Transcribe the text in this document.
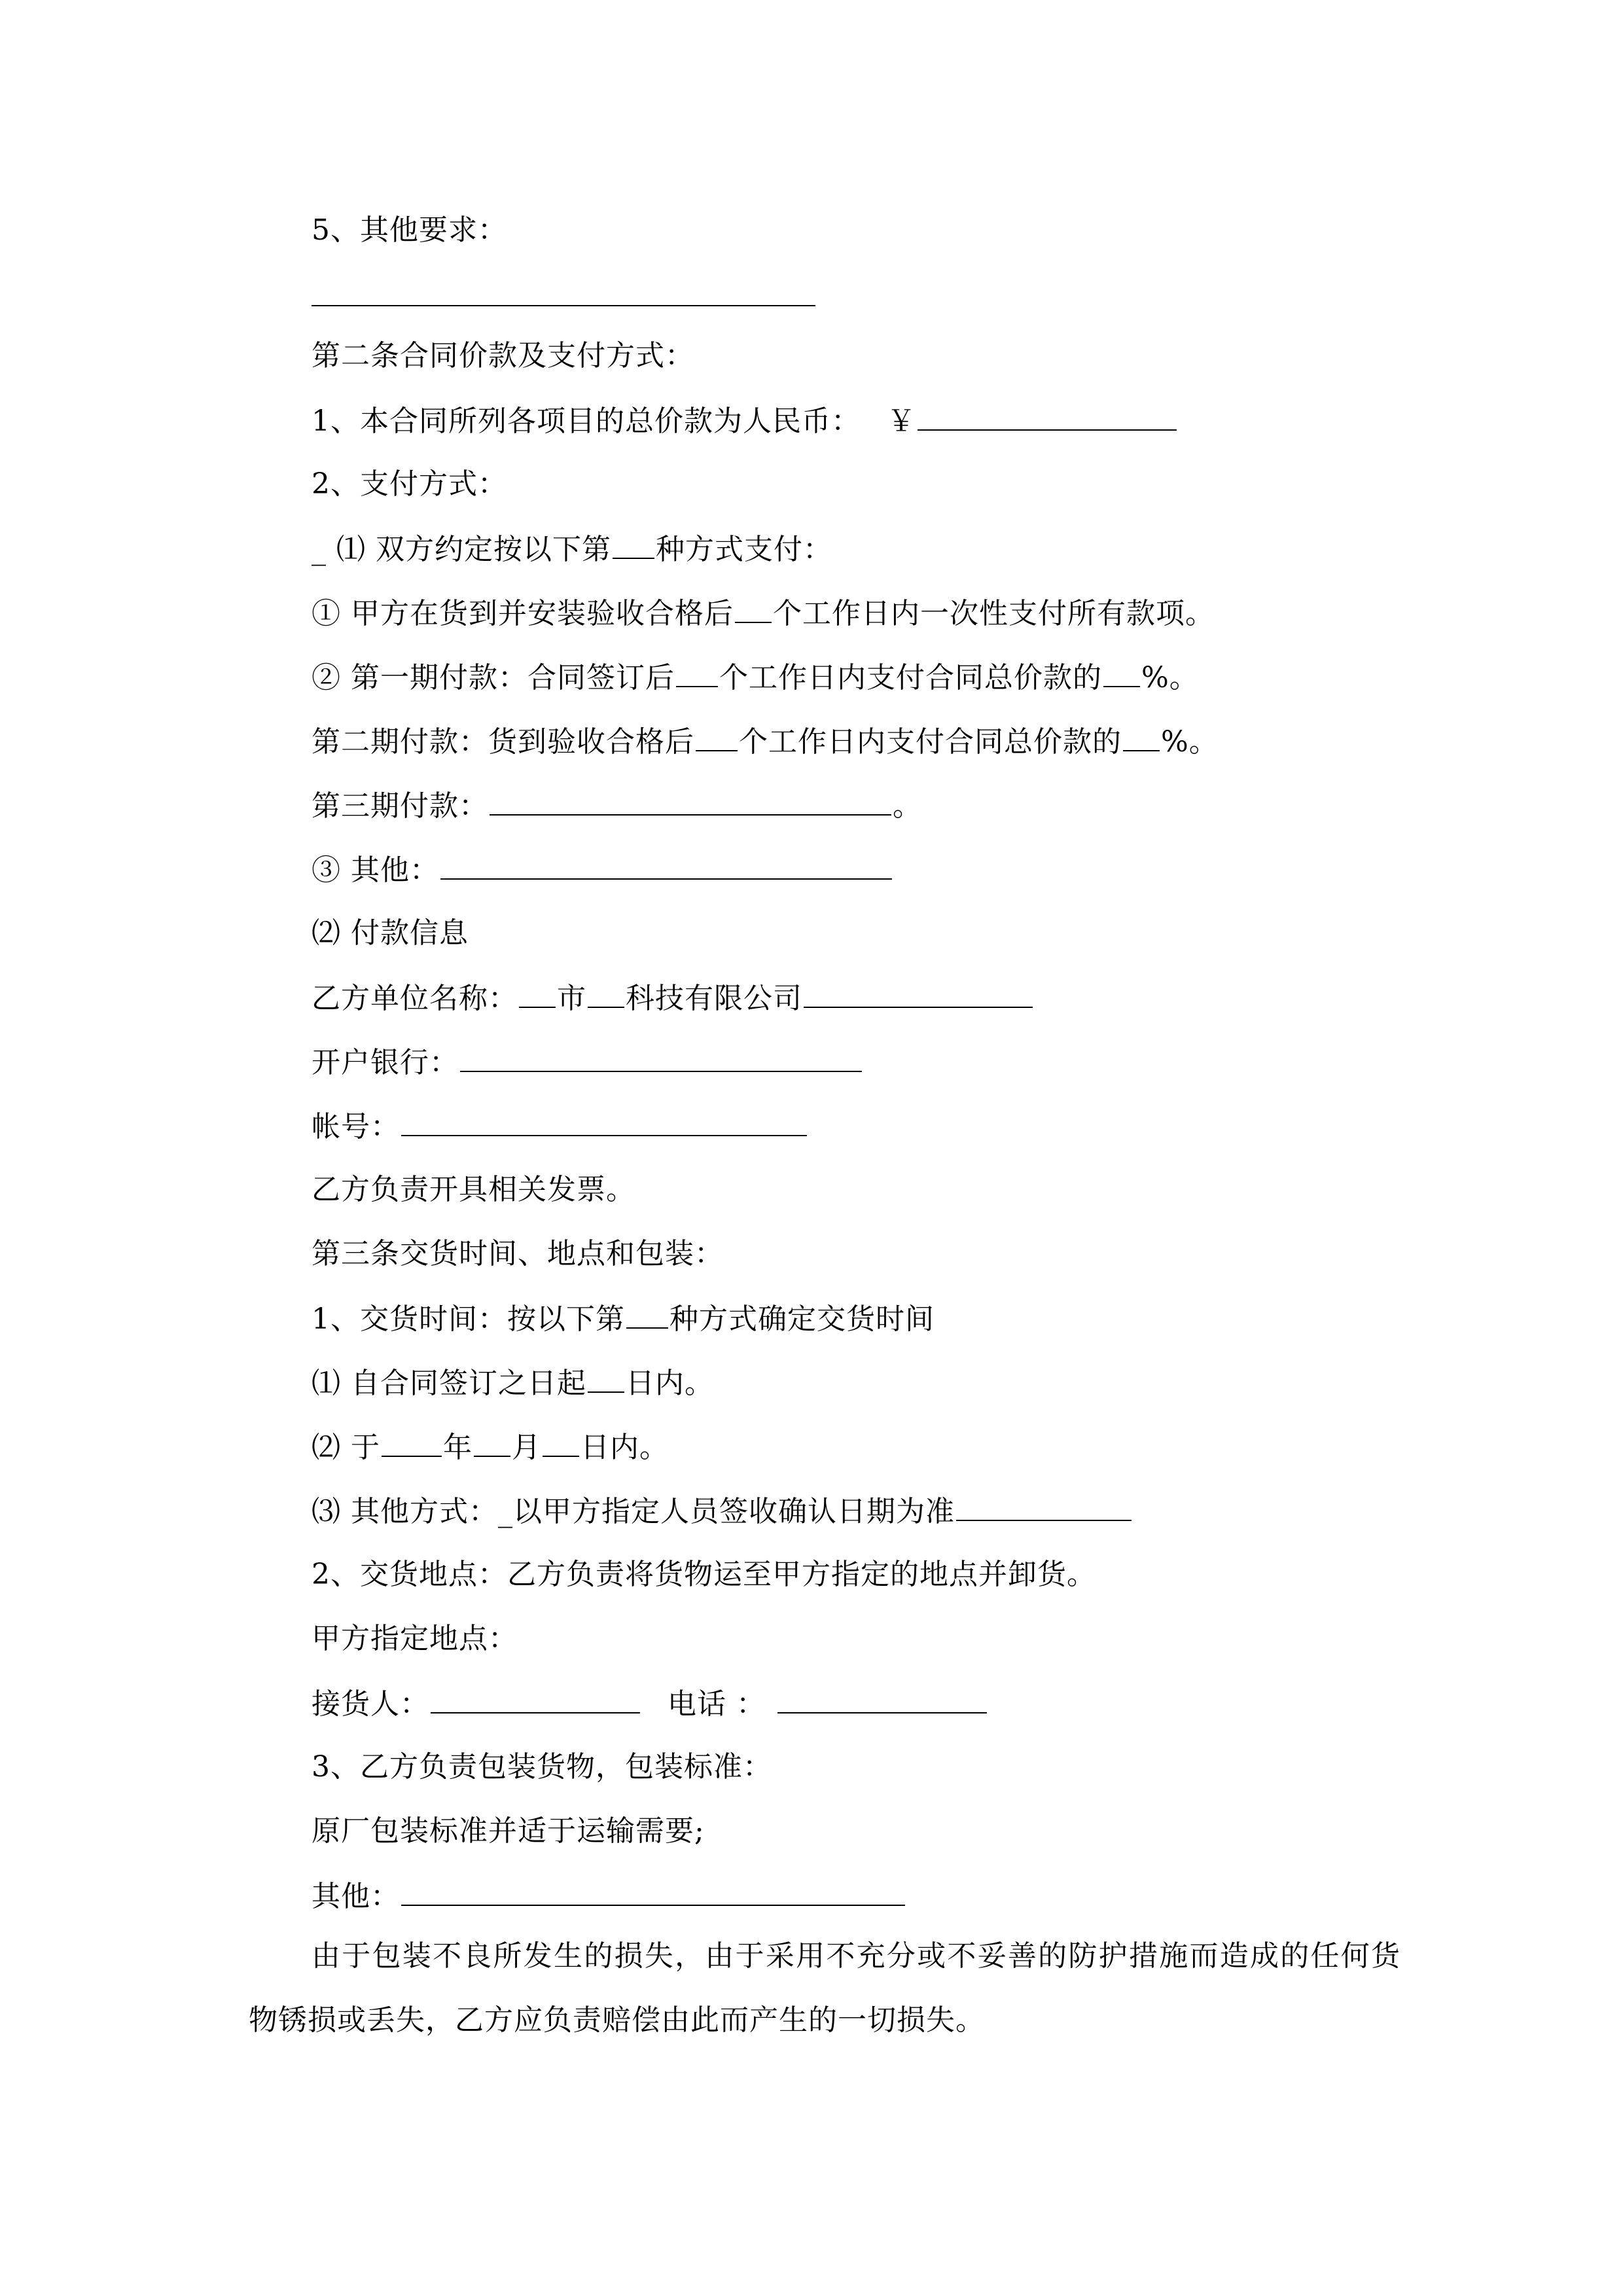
5、其他要求：
第二条合同价款及支付方式：
1、本合同所列各项目的总价款为人民币： ￥
2、支付方式：
_ ⑴ 双方约定按以下第 种方式支付：
① 甲方在货到并安装验收合格后 个工作日内一次性支付所有款项。
② 第一期付款：合同签订后 个工作日内支付合同总价款的 %。
第二期付款：货到验收合格后 个工作日内支付合同总价款的 %。
第三期付款：	。
③ 其他：
⑵ 付款信息
乙方单位名称： 市 科技有限公司
开户银行：
帐号：
乙方负责开具相关发票。
第三条交货时间、地点和包装：
1、交货时间：按以下第 种方式确定交货时间
⑴ 自合同签订之日起 日内。
⑵ 于 年 月 日内。
⑶ 其他方式：_以甲方指定人员签收确认日期为准
2、交货地点：乙方负责将货物运至甲方指定的地点并卸货。
甲方指定地点：
接货人：	电话 ：
3、乙方负责包装货物，包装标准：
原厂包装标准并适于运输需要;
其他：
由于包装不良所发生的损失，由于采用不充分或不妥善的防护措施而造成的任何货物锈损或丢失，乙方应负责赔偿由此而产生的一切损失。
